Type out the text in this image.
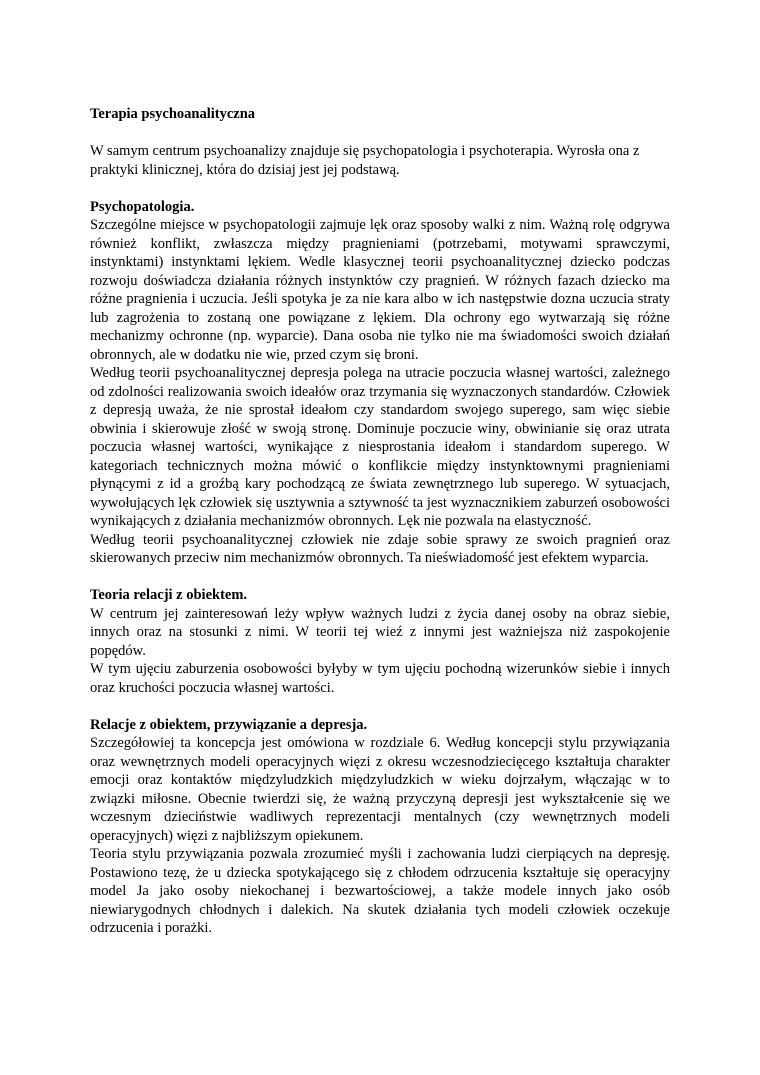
Terapia psychoanalityczna

W samym centrum psychoanalizy znajduje się psychopatologia i psychoterapia. Wyrosła ona z praktyki klinicznej, która do dzisiaj jest jej podstawą.

Psychopatologia.

Szczególne miejsce w psychopatologii zajmuje lęk oraz sposoby walki z nim. Ważną rolę odgrywa również konflikt, zwłaszcza między pragnieniami (potrzebami, motywami sprawczymi, instynktami) instynktami lękiem. Wedle klasycznej teorii psychoanalitycznej dziecko podczas rozwoju doświadcza działania różnych instynktów czy pragnień. W różnych fazach dziecko ma różne pragnienia i uczucia. Jeśli spotyka je za nie kara albo w ich następstwie dozna uczucia straty lub zagrożenia to zostaną one powiązane z lękiem. Dla ochrony ego wytwarzają się różne mechanizmy ochronne (np. wyparcie). Dana osoba nie tylko nie ma świadomości swoich działań obronnych, ale w dodatku nie wie, przed czym się broni.

Według teorii psychoanalitycznej depresja polega na utracie poczucia własnej wartości, zależnego od zdolności realizowania swoich ideałów oraz trzymania się wyznaczonych standardów. Człowiek z depresją uważa, że nie sprostał ideałom czy standardom swojego superego, sam więc siebie obwinia i skierowuje złość w swoją stronę. Dominuje poczucie winy, obwinianie się oraz utrata poczucia własnej wartości, wynikające z niesprostania ideałom i standardom superego. W kategoriach technicznych można mówić o konflikcie między instynktownymi pragnieniami płynącymi z id a groźbą kary pochodzącą ze świata zewnętrznego lub superego. W sytuacjach, wywołujących lęk człowiek się usztywnia a sztywność ta jest wyznacznikiem zaburzeń osobowości wynikających z działania mechanizmów obronnych. Lęk nie pozwala na elastyczność.

Według teorii psychoanalitycznej człowiek nie zdaje sobie sprawy ze swoich pragnień oraz skierowanych przeciw nim mechanizmów obronnych. Ta nieświadomość jest efektem wyparcia.

Teoria relacji z obiektem.

W centrum jej zainteresowań leży wpływ ważnych ludzi z życia danej osoby na obraz siebie, innych oraz na stosunki z nimi. W teorii tej wieź z innymi jest ważniejsza niż zaspokojenie popędów.

W tym ujęciu zaburzenia osobowości byłyby w tym ujęciu pochodną wizerunków siebie i innych oraz kruchości poczucia własnej wartości.

Relacje z obiektem, przywiązanie a depresja.

Szczegółowiej ta koncepcja jest omówiona w rozdziale 6. Według koncepcji stylu przywiązania oraz wewnętrznych modeli operacyjnych więzi z okresu wczesnodziecięcego kształtuja charakter emocji oraz kontaktów międzyludzkich międzyludzkich w wieku dojrzałym, włączając w to związki miłosne. Obecnie twierdzi się, że ważną przyczyną depresji jest wykształcenie się we wczesnym dzieciństwie wadliwych reprezentacji mentalnych (czy wewnętrznych modeli operacyjnych) więzi z najbliższym opiekunem.

Teoria stylu przywiązania pozwala zrozumieć myśli i zachowania ludzi cierpiących na depresję. Postawiono tezę, że u dziecka spotykającego się z chłodem odrzucenia kształtuje się operacyjny model Ja jako osoby niekochanej i bezwartościowej, a także modele innych jako osób niewiarygodnych chłodnych i dalekich. Na skutek działania tych modeli człowiek oczekuje odrzucenia i porażki.
